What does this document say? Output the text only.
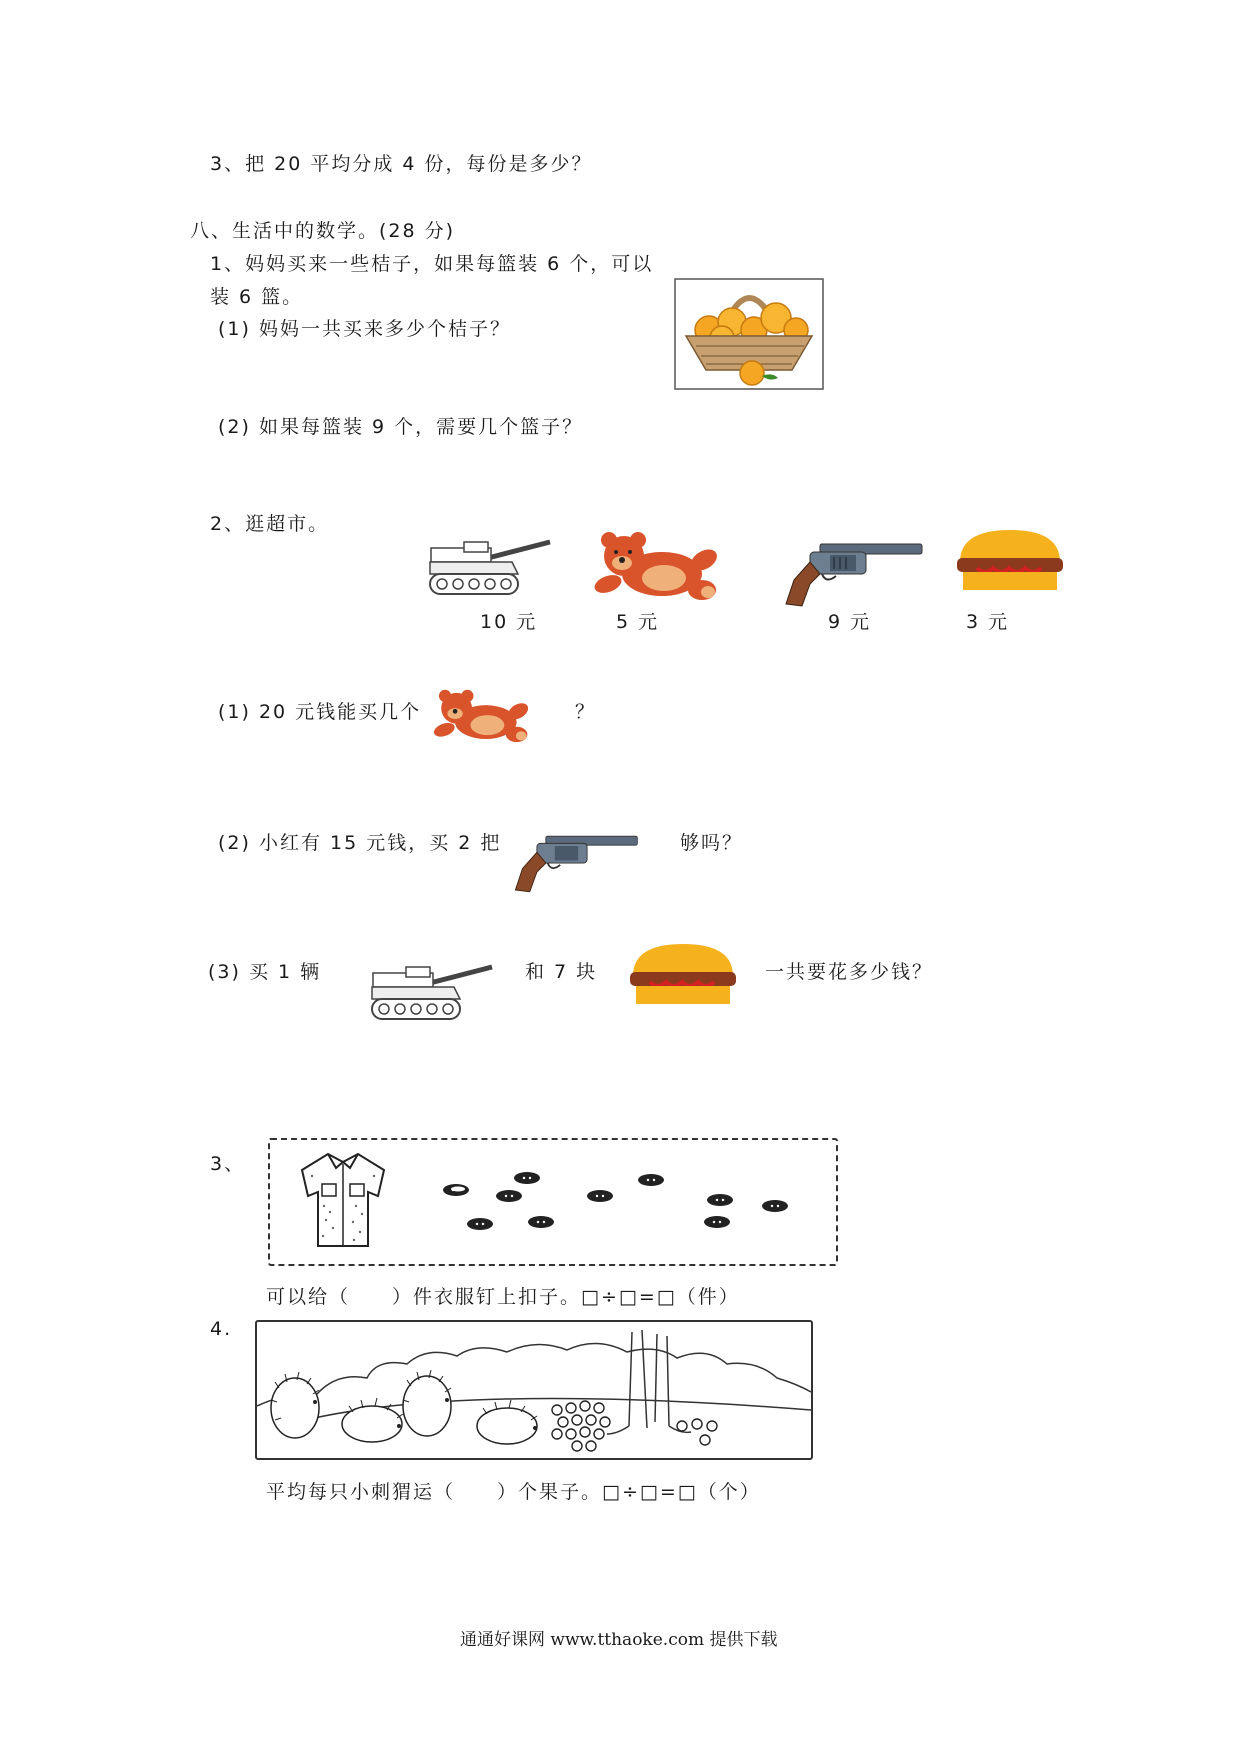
3、把 20 平均分成 4 份，每份是多少？
八、生活中的数学。(28 分)
1、妈妈买来一些桔子，如果每篮装 6 个，可以
装 6 篮。
(1) 妈妈一共买来多少个桔子？
(2) 如果每篮装 9 个，需要几个篮子？
2、逛超市。
10 元	5 元	9 元	3 元
(1) 20 元钱能买几个	？
(2) 小红有 15 元钱，买 2 把	够吗？
(3) 买 1 辆	和 7 块	一共要花多少钱？
3、
可以给（　　）件衣服钉上扣子。□÷□=□（件）
4.
平均每只小刺猬运（　　）个果子。□÷□=□（个）
通通好课网 www.tthaoke.com 提供下载
